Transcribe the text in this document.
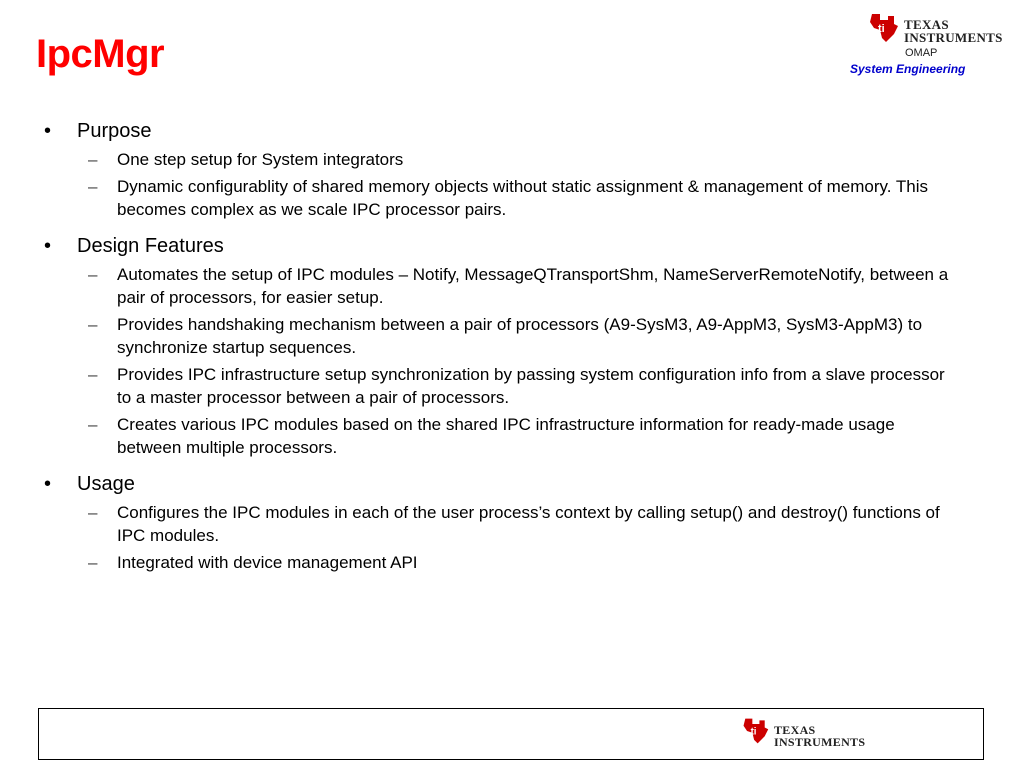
IpcMgr
ti TEXAS INSTRUMENTS
OMAP
System Engineering
• Purpose
– One step setup for System integrators
– Dynamic configurablity of shared memory objects without static assignment & management of memory. This becomes complex as we scale IPC processor pairs.
• Design Features
– Automates the setup of IPC modules – Notify, MessageQTransportShm, NameServerRemoteNotify, between a pair of processors, for easier setup.
– Provides handshaking mechanism between a pair of processors (A9-SysM3, A9-AppM3, SysM3-AppM3) to synchronize startup sequences.
– Provides IPC infrastructure setup synchronization by passing system configuration info from a slave processor to a master processor between a pair of processors.
– Creates various IPC modules based on the shared IPC infrastructure information for ready-made usage between multiple processors.
• Usage
– Configures the IPC modules in each of the user process’s context by calling setup() and destroy() functions of IPC modules.
– Integrated with device management API
ti TEXAS INSTRUMENTS
